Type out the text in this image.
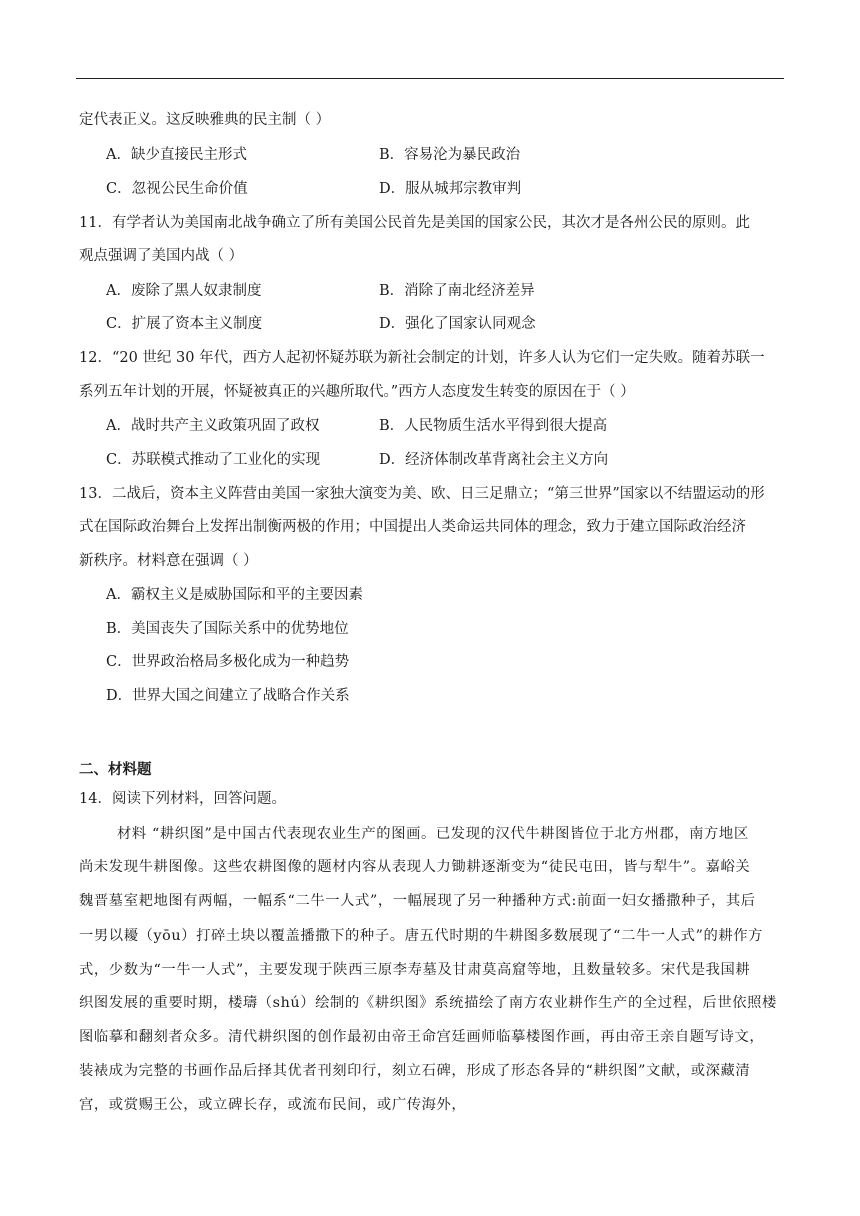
定代表正义。这反映雅典的民主制（ ）
A．缺少直接民主形式	B．容易沦为暴民政治
C．忽视公民生命价值	D．服从城邦宗教审判
11．有学者认为美国南北战争确立了所有美国公民首先是美国的国家公民，其次才是各州公民的原则。此
观点强调了美国内战（ ）
A．废除了黑人奴隶制度	B．消除了南北经济差异
C．扩展了资本主义制度	D．强化了国家认同观念
12．“20 世纪 30 年代，西方人起初怀疑苏联为新社会制定的计划，许多人认为它们一定失败。随着苏联一
系列五年计划的开展，怀疑被真正的兴趣所取代。”西方人态度发生转变的原因在于（ ）
A．战时共产主义政策巩固了政权	B．人民物质生活水平得到很大提高
C．苏联模式推动了工业化的实现	D．经济体制改革背离社会主义方向
13．二战后，资本主义阵营由美国一家独大演变为美、欧、日三足鼎立；“第三世界”国家以不结盟运动的形
式在国际政治舞台上发挥出制衡两极的作用；中国提出人类命运共同体的理念，致力于建立国际政治经济
新秩序。材料意在强调（ ）
A．霸权主义是威胁国际和平的主要因素
B．美国丧失了国际关系中的优势地位
C．世界政治格局多极化成为一种趋势
D．世界大国之间建立了战略合作关系
二、材料题
14．阅读下列材料，回答问题。
材料 “耕织图”是中国古代表现农业生产的图画。已发现的汉代牛耕图皆位于北方州郡，南方地区
尚未发现牛耕图像。这些农耕图像的题材内容从表现人力锄耕逐渐变为“徒民屯田，皆与犁牛”。嘉峪关
魏晋墓室耙地图有两幅，一幅系“二牛一人式”，一幅展现了另一种播种方式:前面一妇女播撒种子，其后
一男以耰（yōu）打碎土块以覆盖播撒下的种子。唐五代时期的牛耕图多数展现了“二牛一人式”的耕作方
式，少数为“一牛一人式”，主要发现于陕西三原李寿墓及甘肃莫高窟等地，且数量较多。宋代是我国耕
织图发展的重要时期，楼璹（shú）绘制的《耕织图》系统描绘了南方农业耕作生产的全过程，后世依照楼
图临摹和翻刻者众多。清代耕织图的创作最初由帝王命宫廷画师临摹楼图作画，再由帝王亲自题写诗文，
装裱成为完整的书画作品后择其优者刊刻印行，刻立石碑，形成了形态各异的“耕织图”文献，或深藏清
宫，或赏赐王公，或立碑长存，或流布民间，或广传海外，
